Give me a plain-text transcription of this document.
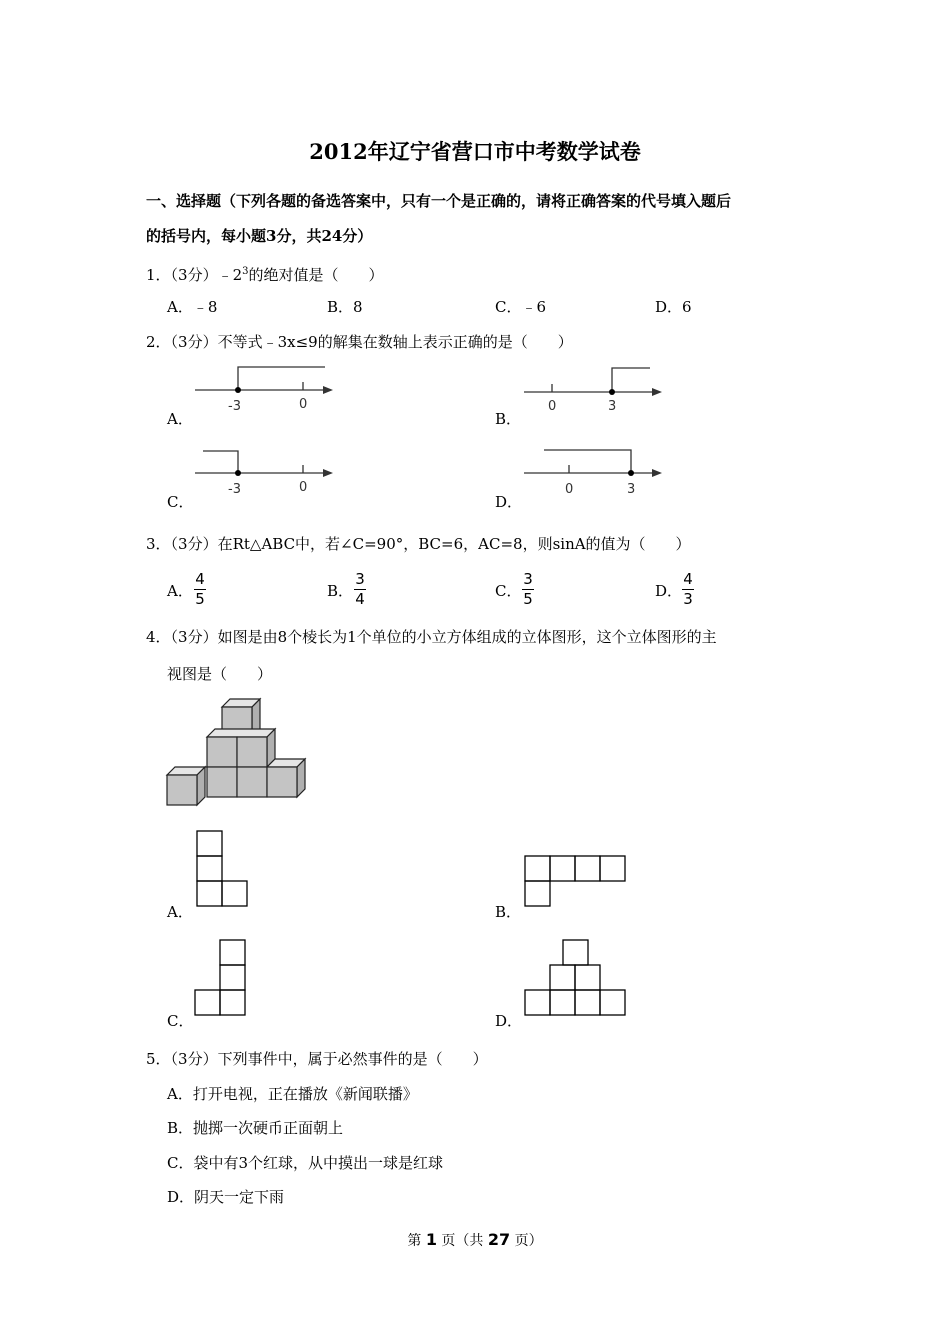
2012年辽宁省营口市中考数学试卷
一、选择题（下列各题的备选答案中，只有一个是正确的，请将正确答案的代号填入题后
的括号内，每小题3分，共24分）
1．（3分）$﹣2^3$的绝对值是（　　）
A．﹣8	B．8	C．﹣6	D．6
2．（3分）不等式﹣3x≤9的解集在数轴上表示正确的是（　　）
A．
-3	0
B．
0	3
C．
-3	0
D．
0	3
3．（3分）在Rt△ABC中，若∠C=90°，BC=6，AC=8，则sinA的值为（　　）
A．
4
5	B．
3
4	C．
3
5	D．
4
3
4．（3分）如图是由8个棱长为1个单位的小立方体组成的立体图形，这个立体图形的主
视图是（　　）
A．	B．
C．	D．
5．（3分）下列事件中，属于必然事件的是（　　）
A．打开电视，正在播放《新闻联播》
B．抛掷一次硬币正面朝上
C．袋中有3个红球，从中摸出一球是红球
D．阴天一定下雨
第 1 页（共 27 页）
